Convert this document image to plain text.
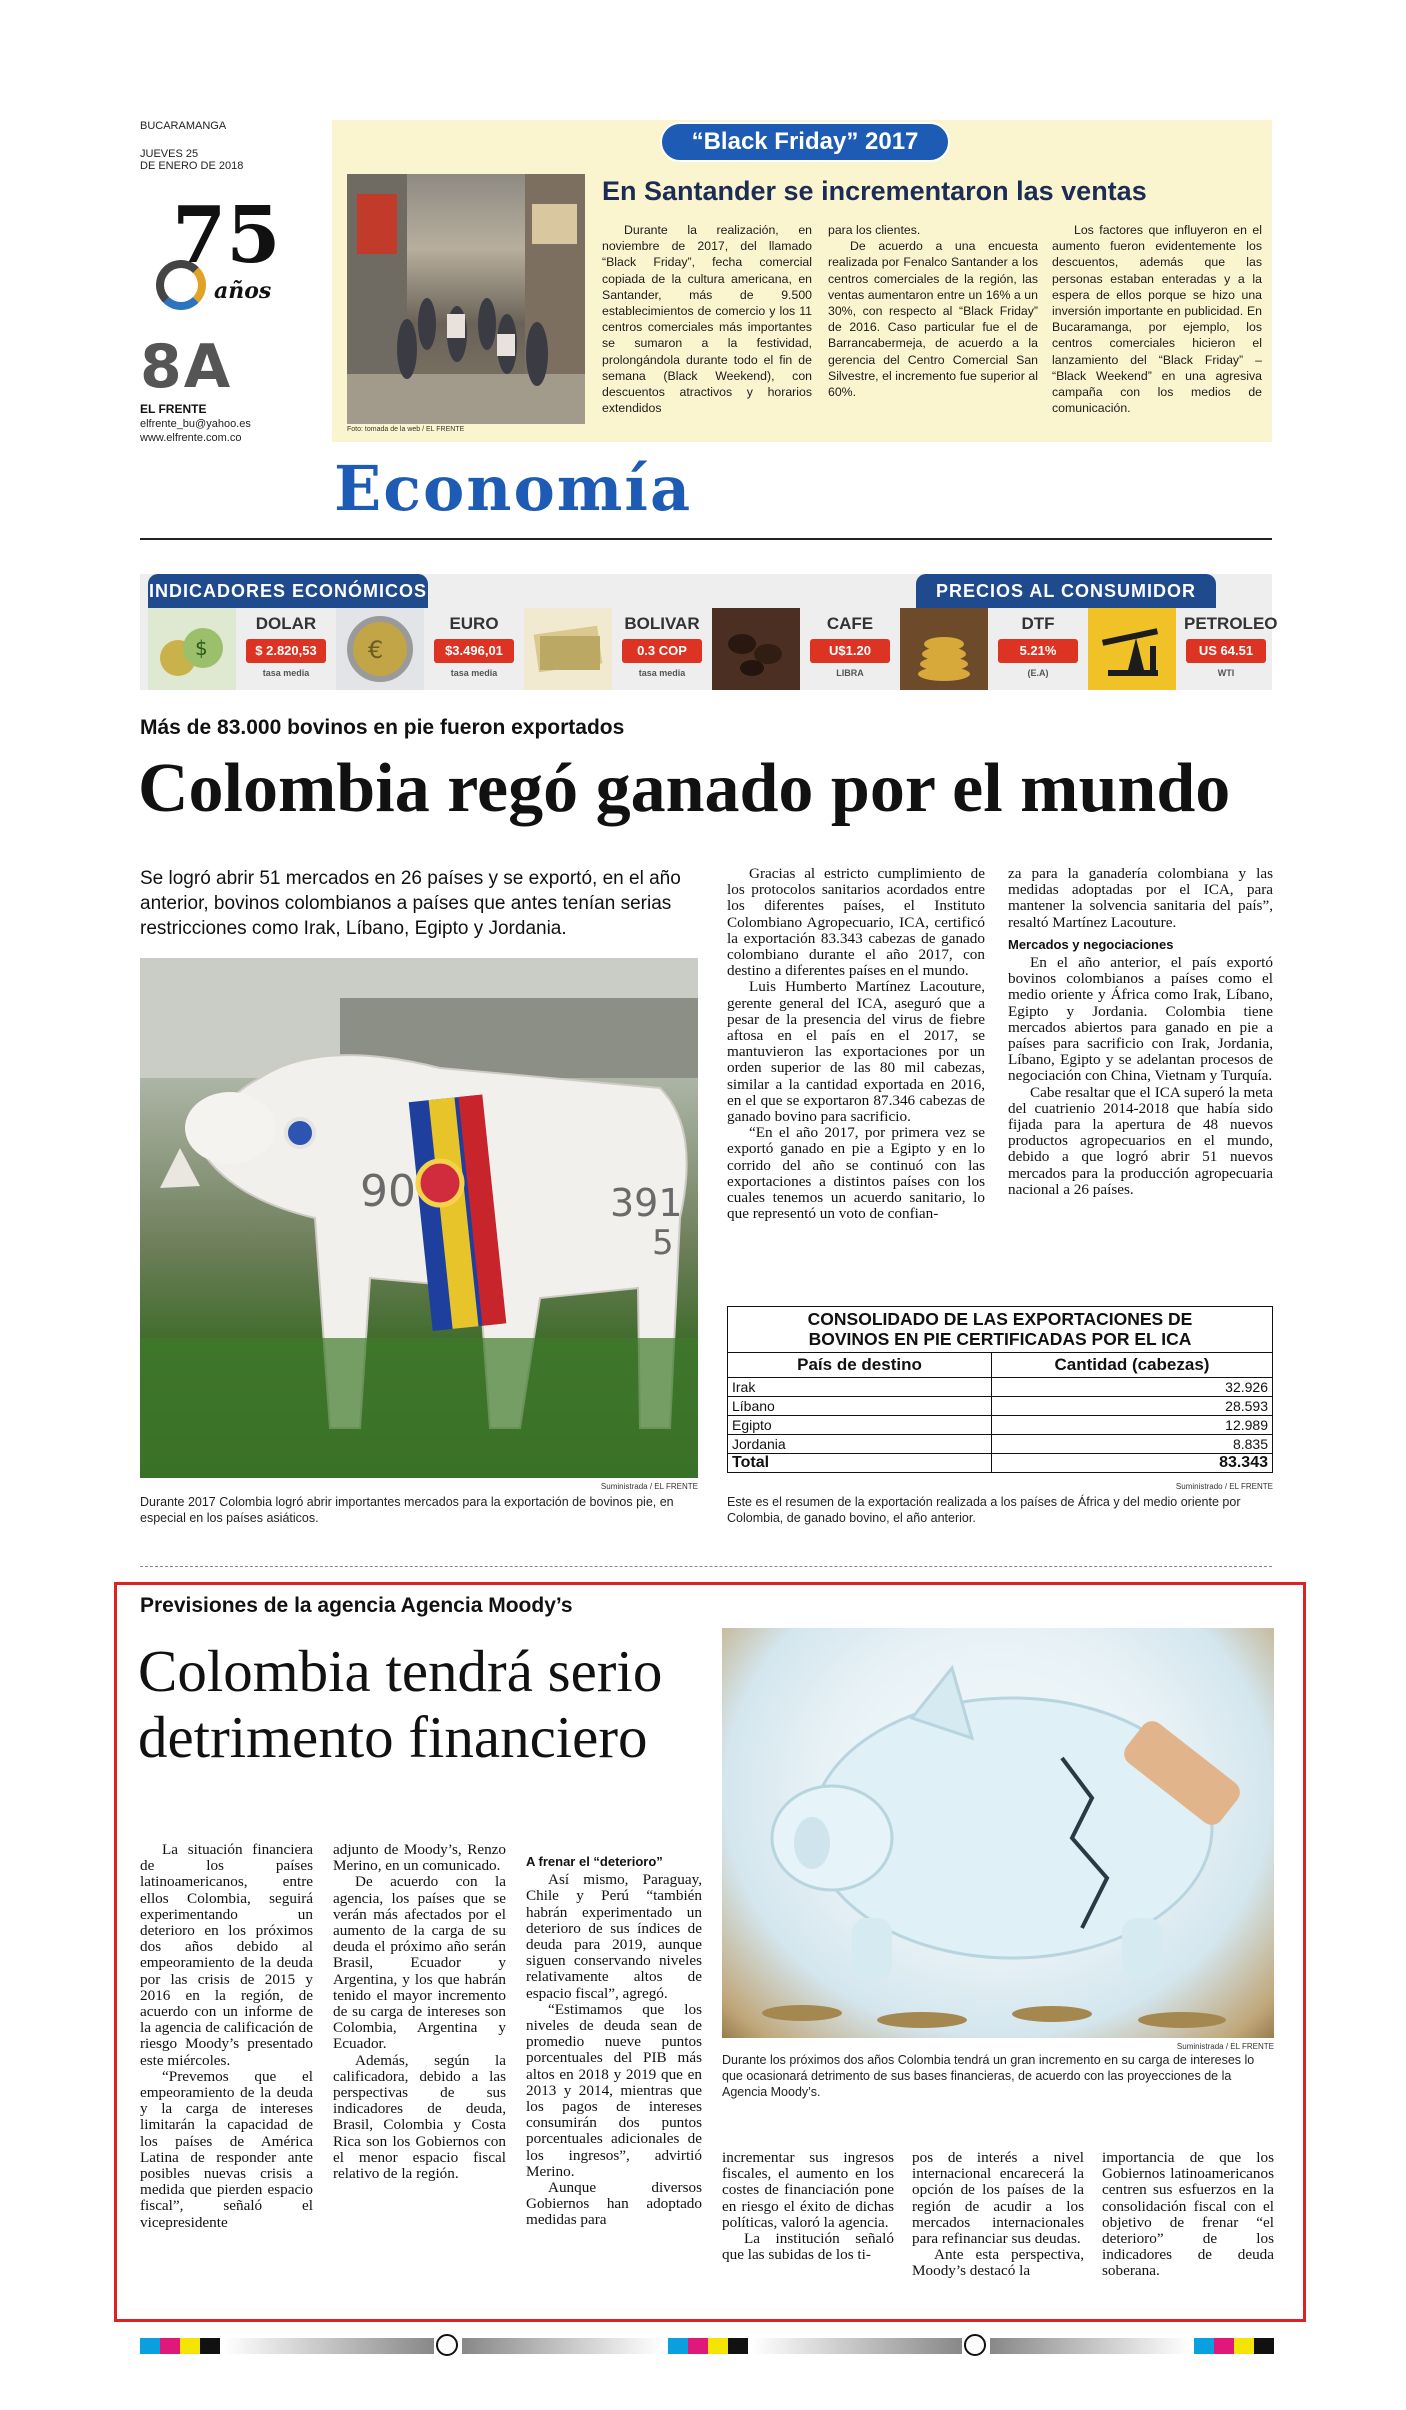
BUCARAMANGA
JUEVES 25
DE ENERO DE 2018
75
años
8A
EL FRENTE
elfrente_bu@yahoo.es
www.elfrente.com.co
“Black Friday” 2017
Foto: tomada de la web / EL FRENTE
En Santander se incrementaron las ventas

Durante la realización, en noviembre de 2017, del llamado “Black Friday”, fecha comercial copiada de la cultura americana, en Santander, más de 9.500 establecimientos de comercio y los 11 centros comerciales más importantes se sumaron a la festividad, prolongándola durante todo el fin de semana (Black Weekend), con descuentos atractivos y horarios extendidos

para los clientes.

De acuerdo a una encuesta realizada por Fenalco Santander a los centros comerciales de la región, las ventas aumentaron entre un 16% a un 30%, con respecto al “Black Friday” de 2016. Caso particular fue el de Barrancabermeja, de acuerdo a la gerencia del Centro Comercial San Silvestre, el incremento fue superior al 60%.

Los factores que influyeron en el aumento fueron evidentemente los descuentos, además que las personas estaban enteradas y a la espera de ellos porque se hizo una inversión importante en publicidad. En Bucaramanga, por ejemplo, los centros comerciales hicieron el lanzamiento del “Black Friday” – “Black Weekend” en una agresiva campaña con los medios de comunicación.

Economía
INDICADORES ECONÓMICOS	PRECIOS AL CONSUMIDOR
$
DOLAR
$ 2.820,53
tasa media
€
EURO
$3.496,01
tasa media
BOLIVAR
0.3 COP
tasa media
CAFE
U$1.20
LIBRA
DTF
5.21%
(E.A)
PETROLEO
US 64.51
WTI
Más de 83.000 bovinos en pie fueron exportados
Colombia regó ganado por el mundo
Se logró abrir 51 mercados en 26 países y se exportó, en el año anterior, bovinos colombianos a países que antes tenían serias restricciones como Irak, Líbano, Egipto y Jordania.
90	391
5
Suministrada / EL FRENTE
Durante 2017 Colombia logró abrir importantes mercados para la exportación de bovinos pie, en especial en los países asiáticos.

Gracias al estricto cumplimiento de los protocolos sanitarios acordados entre los diferentes países, el Instituto Colombiano Agropecuario, ICA, certificó la exportación 83.343 cabezas de ganado colombiano durante el año 2017, con destino a diferentes países en el mundo.

Luis Humberto Martínez Lacouture, gerente general del ICA, aseguró que a pesar de la presencia del virus de fiebre aftosa en el país en el 2017, se mantuvieron las exportaciones por un orden superior de las 80 mil cabezas, similar a la cantidad exportada en 2016, en el que se exportaron 87.346 cabezas de ganado bovino para sacrificio.

“En el año 2017, por primera vez se exportó ganado en pie a Egipto y en lo corrido del año se continuó con las exportaciones a distintos países con los cuales tenemos un acuerdo sanitario, lo que representó un voto de confian-

za para la ganadería colombiana y las medidas adoptadas por el ICA, para mantener la solvencia sanitaria del país”, resaltó Martínez Lacouture.
Mercados y negociaciones

En el año anterior, el país exportó bovinos colombianos a países como el medio oriente y África como Irak, Líbano, Egipto y Jordania. Colombia tiene mercados abiertos para ganado en pie a países para sacrificio con Irak, Jordania, Líbano, Egipto y se adelantan procesos de negociación con China, Vietnam y Turquía.

Cabe resaltar que el ICA superó la meta del cuatrienio 2014-2018 que había sido fijada para la apertura de 48 nuevos productos agropecuarios en el mundo, debido a que logró abrir 51 nuevos mercados para la producción agropecuaria nacional a 26 países.

CONSOLIDADO DE LAS EXPORTACIONES DE
BOVINOS EN PIE CERTIFICADAS POR EL ICA
País de destino	Cantidad (cabezas)
Irak	32.926
Líbano	28.593
Egipto	12.989
Jordania	8.835
Total	83.343
Suministrado / EL FRENTE
Este es el resumen de la exportación realizada a los países de África y del medio oriente por Colombia, de ganado bovino, el año anterior.
Previsiones de la agencia Agencia Moody’s
Colombia tendrá serio
detrimento financiero
Suministrada / EL FRENTE
Durante los próximos dos años Colombia tendrá un gran incremento en su carga de intereses lo que ocasionará detrimento de sus bases financieras, de acuerdo con las proyecciones de la Agencia Moody’s.

La situación financiera de los países latinoamericanos, entre ellos Colombia, seguirá experimentando un deterioro en los próximos dos años debido al empeoramiento de la deuda por las crisis de 2015 y 2016 en la región, de acuerdo con un informe de la agencia de calificación de riesgo Moody’s presentado este miércoles.

“Prevemos que el empeoramiento de la deuda y la carga de intereses limitarán la capacidad de los países de América Latina de responder ante posibles nuevas crisis a medida que pierden espacio fiscal”, señaló el vicepresidente

adjunto de Moody’s, Renzo Merino, en un comunicado.

De acuerdo con la agencia, los países que se verán más afectados por el aumento de la carga de su deuda el próximo año serán Brasil, Ecuador y Argentina, y los que habrán tenido el mayor incremento de su carga de intereses son Colombia, Argentina y Ecuador.

Además, según la calificadora, debido a las perspectivas de sus indicadores de deuda, Brasil, Colombia y Costa Rica son los Gobiernos con el menor espacio fiscal relativo de la región.

A frenar el “deterioro”

Así mismo, Paraguay, Chile y Perú “también habrán experimentado un deterioro de sus índices de deuda para 2019, aunque siguen conservando niveles relativamente altos de espacio fiscal”, agregó.

“Estimamos que los niveles de deuda sean de promedio nueve puntos porcentuales del PIB más altos en 2018 y 2019 que en 2013 y 2014, mientras que los pagos de intereses consumirán dos puntos porcentuales adicionales de los ingresos”, advirtió Merino.

Aunque diversos Gobiernos han adoptado medidas para

incrementar sus ingresos fiscales, el aumento en los costes de financiación pone en riesgo el éxito de dichas políticas, valoró la agencia.

La institución señaló que las subidas de los ti-

pos de interés a nivel internacional encarecerá la opción de los países de la región de acudir a los mercados internacionales para refinanciar sus deudas.

Ante esta perspectiva, Moody’s destacó la

importancia de que los Gobiernos latinoamericanos centren sus esfuerzos en la consolidación fiscal con el objetivo de frenar “el deterioro” de los indicadores de deuda soberana.
